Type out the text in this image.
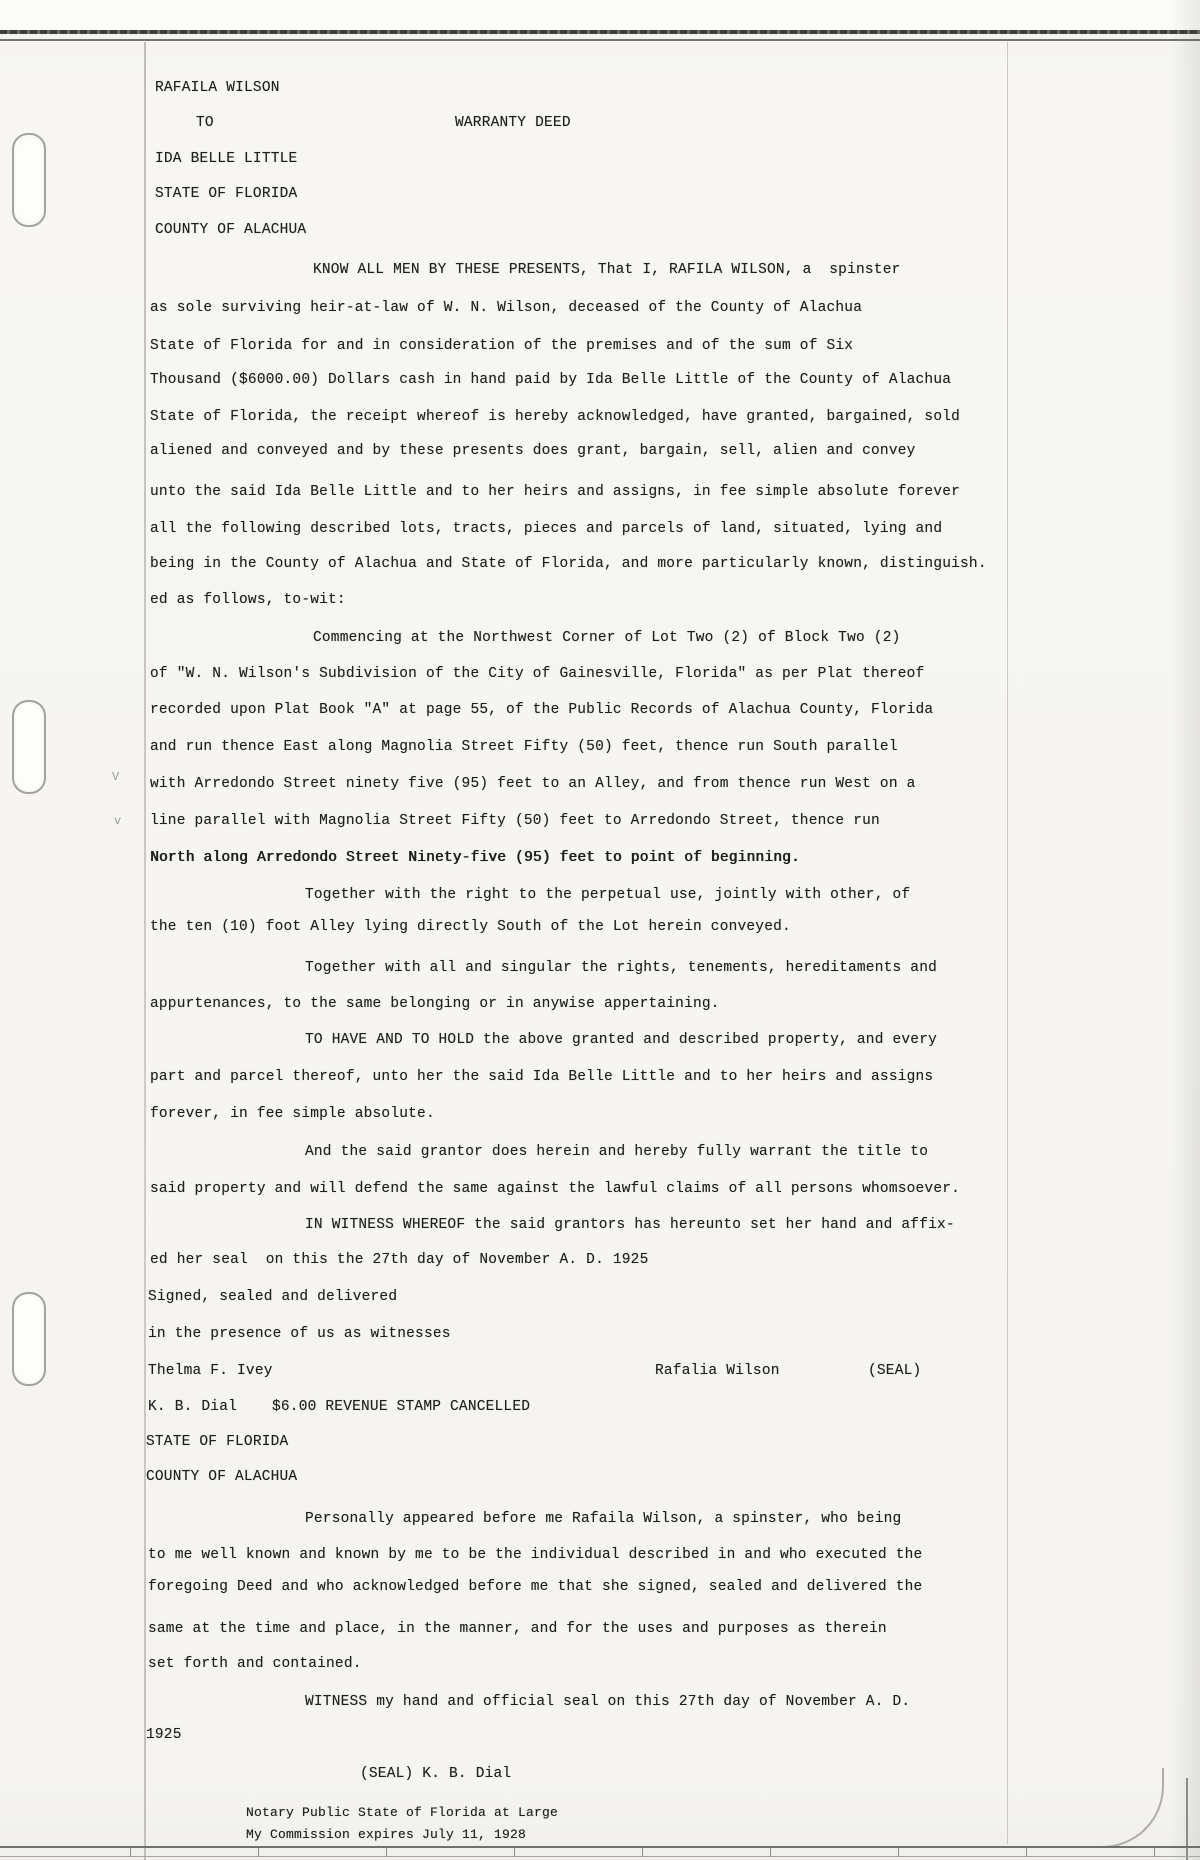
RAFAILA WILSON
TO	WARRANTY DEED
IDA BELLE LITTLE
STATE OF FLORIDA
COUNTY OF ALACHUA
KNOW ALL MEN BY THESE PRESENTS, That I, RAFILA WILSON, a  spinster
as sole surviving heir-at-law of W. N. Wilson, deceased of the County of Alachua
State of Florida for and in consideration of the premises and of the sum of Six
Thousand ($6000.00) Dollars cash in hand paid by Ida Belle Little of the County of Alachua
State of Florida, the receipt whereof is hereby acknowledged, have granted, bargained, sold
aliened and conveyed and by these presents does grant, bargain, sell, alien and convey
unto the said Ida Belle Little and to her heirs and assigns, in fee simple absolute forever
all the following described lots, tracts, pieces and parcels of land, situated, lying and
being in the County of Alachua and State of Florida, and more particularly known, distinguish.
ed as follows, to-wit:
Commencing at the Northwest Corner of Lot Two (2) of Block Two (2)
of "W. N. Wilson's Subdivision of the City of Gainesville, Florida" as per Plat thereof
recorded upon Plat Book "A" at page 55, of the Public Records of Alachua County, Florida
and run thence East along Magnolia Street Fifty (50) feet, thence run South parallel
with Arredondo Street ninety five (95) feet to an Alley, and from thence run West on a
line parallel with Magnolia Street Fifty (50) feet to Arredondo Street, thence run
North along Arredondo Street Ninety-five (95) feet to point of beginning.
Together with the right to the perpetual use, jointly with other, of
the ten (10) foot Alley lying directly South of the Lot herein conveyed.
Together with all and singular the rights, tenements, hereditaments and
appurtenances, to the same belonging or in anywise appertaining.
TO HAVE AND TO HOLD the above granted and described property, and every
part and parcel thereof, unto her the said Ida Belle Little and to her heirs and assigns
forever, in fee simple absolute.
And the said grantor does herein and hereby fully warrant the title to
said property and will defend the same against the lawful claims of all persons whomsoever.
IN WITNESS WHEREOF the said grantors has hereunto set her hand and affix-
ed her seal  on this the 27th day of November A. D. 1925
Signed, sealed and delivered
in the presence of us as witnesses
Thelma F. Ivey	Rafalia Wilson	(SEAL)
K. B. Dial $6.00 REVENUE STAMP CANCELLED
STATE OF FLORIDA
COUNTY OF ALACHUA
Personally appeared before me Rafaila Wilson, a spinster, who being
to me well known and known by me to be the individual described in and who executed the
foregoing Deed and who acknowledged before me that she signed, sealed and delivered the
same at the time and place, in the manner, and for the uses and purposes as therein
set forth and contained.
WITNESS my hand and official seal on this 27th day of November A. D.
1925
(SEAL) K. B. Dial
Notary Public State of Florida at Large
My Commission expires July 11, 1928
V
v
